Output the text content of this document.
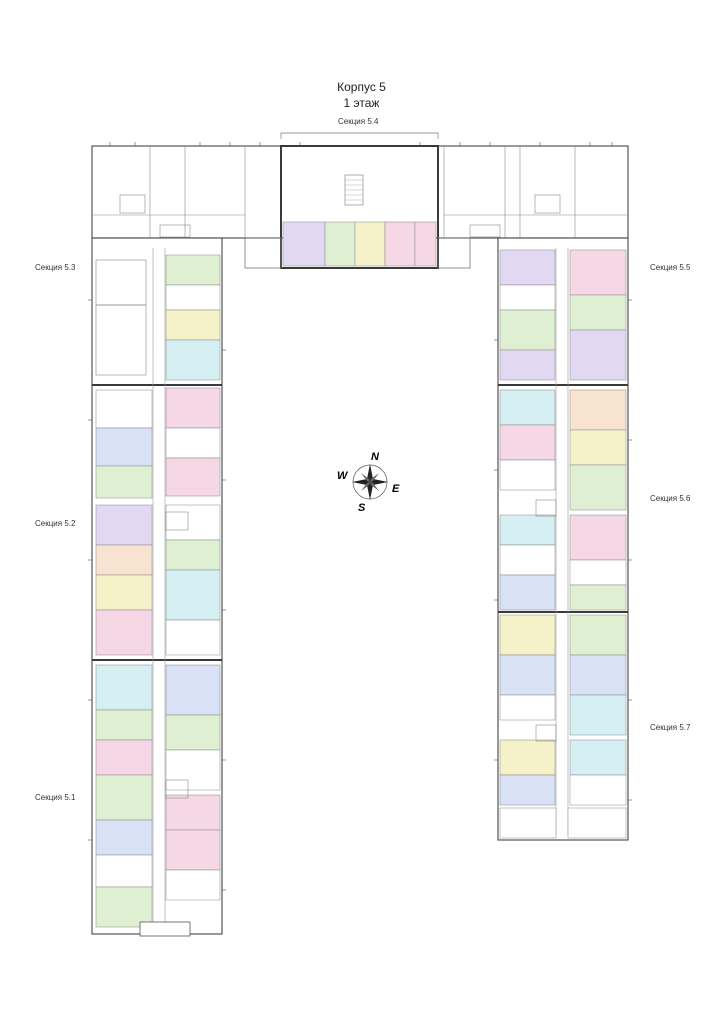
Корпус 5
1 этаж
Секция 5.4
Секция 5.3	Секция 5.5
Секция 5.2
Секция 5.6
Секция 5.1
Секция 5.7
N
E
S
W
